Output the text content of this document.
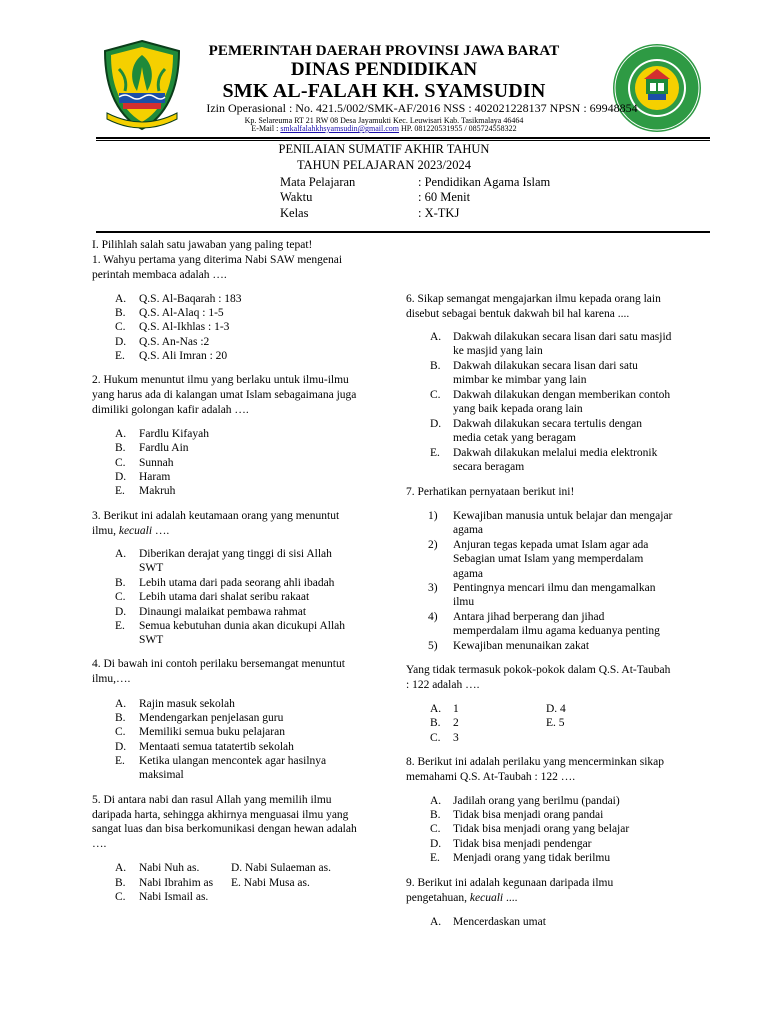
PEMERINTAH DAERAH PROVINSI JAWA BARAT
DINAS PENDIDIKAN
SMK AL-FALAH KH. SYAMSUDIN
Izin Operasional : No. 421.5/002/SMK-AF/2016 NSS : 402021228137 NPSN : 69948854
Kp. Selareuma RT 21 RW 08 Desa Jayamukti Kec. Leuwisari Kab. Tasikmalaya 46464
E-Mail : smkalfalahkhsyamsudin@gmail.com HP. 081220531955 / 085724558322
PENILAIAN SUMATIF AKHIR TAHUN
TAHUN PELAJARAN 2023/2024
Mata Pelajaran	: Pendidikan Agama Islam
Waktu	: 60 Menit
Kelas	: X-TKJ
I. Pilihlah salah satu jawaban yang paling tepat!
1. Wahyu pertama yang diterima Nabi SAW mengenai
perintah membaca adalah ….
A. Q.S. Al-Baqarah : 183
B. Q.S. Al-Alaq : 1-5
C. Q.S. Al-Ikhlas : 1-3
D. Q.S. An-Nas :2
E. Q.S. Ali Imran : 20
2. Hukum menuntut ilmu yang berlaku untuk ilmu-ilmu
yang harus ada di kalangan umat Islam sebagaimana juga
dimiliki golongan kafir adalah ….
A. Fardlu Kifayah
B. Fardlu Ain
C. Sunnah
D. Haram
E. Makruh
3. Berikut ini adalah keutamaan orang yang menuntut
ilmu, kecuali ….
A. Diberikan derajat yang tinggi di sisi Allah
SWT
B. Lebih utama dari pada seorang ahli ibadah
C. Lebih utama dari shalat seribu rakaat
D. Dinaungi malaikat pembawa rahmat
E. Semua kebutuhan dunia akan dicukupi Allah
SWT
4. Di bawah ini contoh perilaku bersemangat menuntut
ilmu,….
A. Rajin masuk sekolah
B. Mendengarkan penjelasan guru
C. Memiliki semua buku pelajaran
D. Mentaati semua tatatertib sekolah
E. Ketika ulangan mencontek agar hasilnya
maksimal
5. Di antara nabi dan rasul Allah yang memilih ilmu
daripada harta, sehingga akhirnya menguasai ilmu yang
sangat luas dan bisa berkomunikasi dengan hewan adalah
….
A. Nabi Nuh as.
B. Nabi Ibrahim as
C. Nabi Ismail as.
D. Nabi Sulaeman as.
E. Nabi Musa as.
6. Sikap semangat mengajarkan ilmu kepada orang lain
disebut sebagai bentuk dakwah bil hal karena ....
A. Dakwah dilakukan secara lisan dari satu masjid
ke masjid yang lain
B. Dakwah dilakukan secara lisan dari satu
mimbar ke mimbar yang lain
C. Dakwah dilakukan dengan memberikan contoh
yang baik kepada orang lain
D. Dakwah dilakukan secara tertulis dengan
media cetak yang beragam
E. Dakwah dilakukan melalui media elektronik
secara beragam
7. Perhatikan pernyataan berikut ini!
1) Kewajiban manusia untuk belajar dan mengajar
agama
2) Anjuran tegas kepada umat Islam agar ada
Sebagian umat Islam yang memperdalam
agama
3) Pentingnya mencari ilmu dan mengamalkan
ilmu
4) Antara jihad berperang dan jihad
memperdalam ilmu agama keduanya penting
5) Kewajiban menunaikan zakat
Yang tidak termasuk pokok-pokok dalam Q.S. At-Taubah
: 122 adalah ….
A. 1
B. 2
C. 3
D. 4
E. 5
8. Berikut ini adalah perilaku yang mencerminkan sikap
memahami Q.S. At-Taubah : 122 ….
A. Jadilah orang yang berilmu (pandai)
B. Tidak bisa menjadi orang pandai
C. Tidak bisa menjadi orang yang belajar
D. Tidak bisa menjadi pendengar
E. Menjadi orang yang tidak berilmu
9. Berikut ini adalah kegunaan daripada ilmu
pengetahuan, kecuali ....
A. Mencerdaskan umat
